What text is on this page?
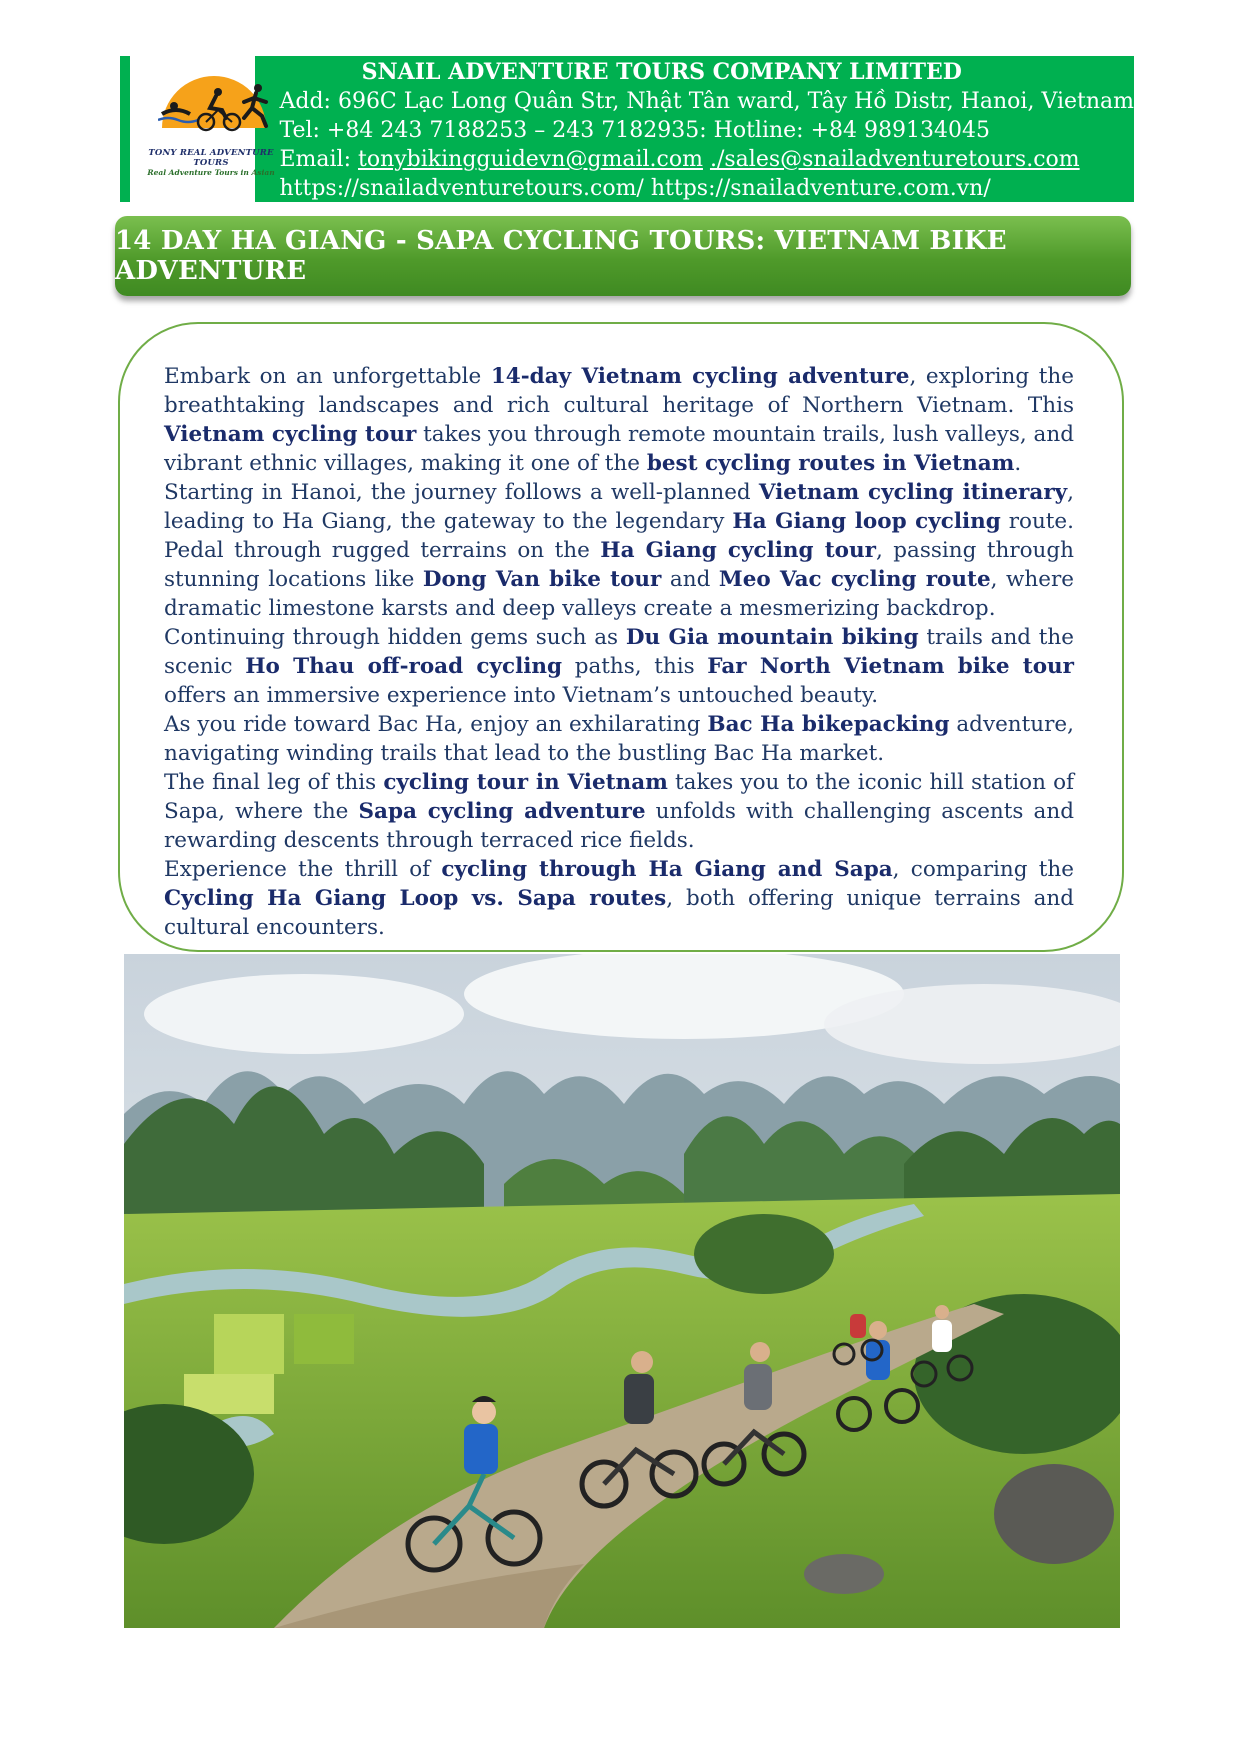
TONY REAL ADVENTURE TOURS
Real Adventure Tours in Asian
SNAIL ADVENTURE TOURS COMPANY LIMITED
Add: 696C Lạc Long Quân Str, Nhật Tân ward, Tây Hồ Distr, Hanoi, Vietnam
Tel: +84 243 7188253 – 243 7182935: Hotline: +84 989134045
Email: tonybikingguidevn@gmail.com ./sales@snailadventuretours.com
https://snailadventuretours.com/ https://snailadventure.com.vn/
14 DAY HA GIANG - SAPA CYCLING TOURS: VIETNAM BIKE ADVENTURE

Embark on an unforgettable 14-day Vietnam cycling adventure, exploring the breathtaking landscapes and rich cultural heritage of Northern Vietnam. This Vietnam cycling tour takes you through remote mountain trails, lush valleys, and vibrant ethnic villages, making it one of the best cycling routes in Vietnam.

Starting in Hanoi, the journey follows a well-planned Vietnam cycling itinerary, leading to Ha Giang, the gateway to the legendary Ha Giang loop cycling route. Pedal through rugged terrains on the Ha Giang cycling tour, passing through stunning locations like Dong Van bike tour and Meo Vac cycling route, where dramatic limestone karsts and deep valleys create a mesmerizing backdrop.

Continuing through hidden gems such as Du Gia mountain biking trails and the scenic Ho Thau off-road cycling paths, this Far North Vietnam bike tour offers an immersive experience into Vietnam’s untouched beauty.

As you ride toward Bac Ha, enjoy an exhilarating Bac Ha bikepacking adventure, navigating winding trails that lead to the bustling Bac Ha market.

The final leg of this cycling tour in Vietnam takes you to the iconic hill station of Sapa, where the Sapa cycling adventure unfolds with challenging ascents and rewarding descents through terraced rice fields.

Experience the thrill of cycling through Ha Giang and Sapa, comparing the Cycling Ha Giang Loop vs. Sapa routes, both offering unique terrains and cultural encounters.
